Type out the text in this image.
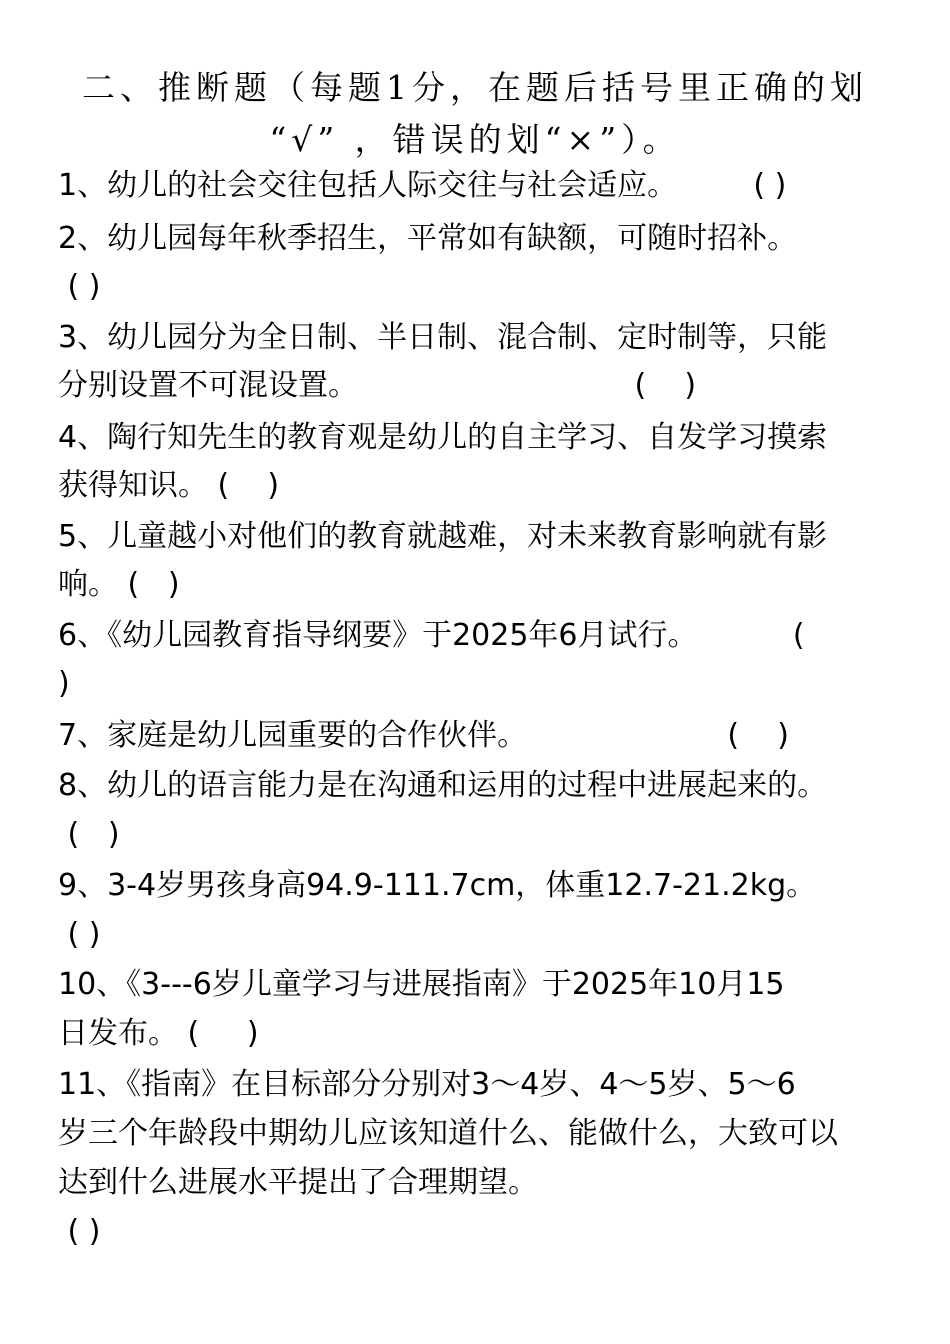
二、推断题（每题1分，在题后括号里正确的划
“√” ，错误的划“×”）。
1、幼儿的社会交往包括人际交往与社会适应。        ( )
2、幼儿园每年秋季招生，平常如有缺额，可随时招补。
( )
3、幼儿园分为全日制、半日制、混合制、定时制等，只能
分别设置不可混设置。                             (    )
4、陶行知先生的教育观是幼儿的自主学习、自发学习摸索
获得知识。 (    )
5、儿童越小对他们的教育就越难，对未来教育影响就有影
响。 (   )
6、《幼儿园教育指导纲要》于2025年6月试行。          (
)
7、家庭是幼儿园重要的合作伙伴。                     (    )
8、幼儿的语言能力是在沟通和运用的过程中进展起来的。
(   )
9、3-4岁男孩身高94.9-111.7cm，体重12.7-21.2kg。
( )
10、《3---6岁儿童学习与进展指南》于2025年10月15
日发布。 (     )
11、《指南》在目标部分分别对3～4岁、4～5岁、5～6
岁三个年龄段中期幼儿应该知道什么、能做什么，大致可以
达到什么进展水平提出了合理期望。
( )
